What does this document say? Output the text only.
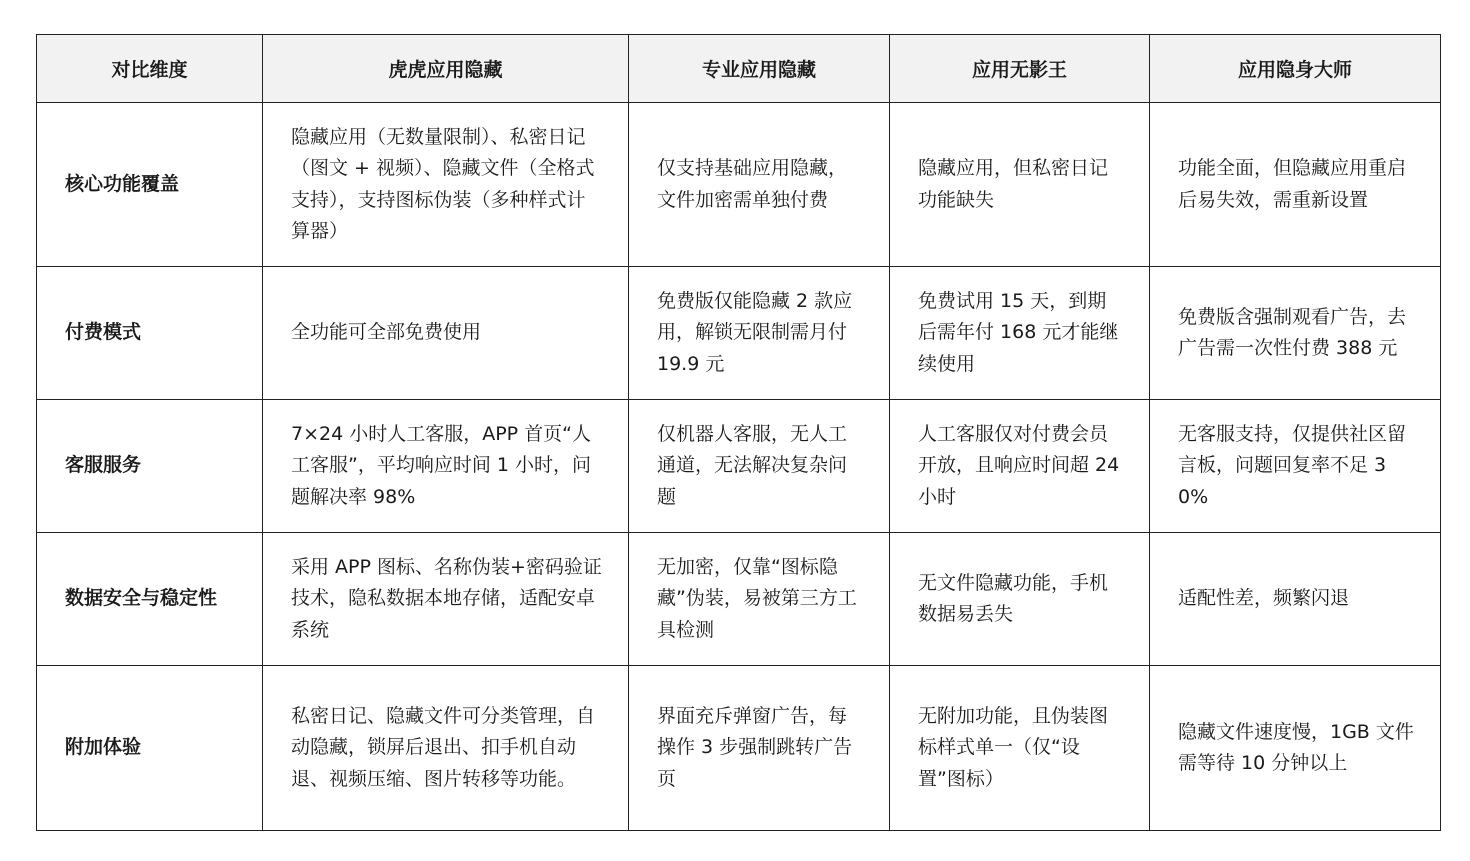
对比维度	虎虎应用隐藏	专业应用隐藏	应用无影王	应用隐身大师
核心功能覆盖	隐藏应用（无数量限制）、私密日记（图文 + 视频）、隐藏文件（全格式支持），支持图标伪装（多种样式计算器）	仅支持基础应用隐藏，文件加密需单独付费	隐藏应用，但私密日记功能缺失	功能全面，但隐藏应用重启后易失效，需重新设置
付费模式	全功能可全部免费使用	免费版仅能隐藏 2 款应用，解锁无限制需月付 19.9 元	免费试用 15 天，到期后需年付 168 元才能继续使用	免费版含强制观看广告，去广告需一次性付费 388 元
客服服务	7×24 小时人工客服，APP 首页“人工客服”，平均响应时间 1 小时，问题解决率 98%	仅机器人客服，无人工通道，无法解决复杂问题	人工客服仅对付费会员开放，且响应时间超 24 小时	无客服支持，仅提供社区留言板，问题回复率不足 30%
数据安全与稳定性	采用 APP 图标、名称伪装+密码验证技术，隐私数据本地存储，适配安卓系统	无加密，仅靠“图标隐藏”伪装，易被第三方工具检测	无文件隐藏功能，手机数据易丢失	适配性差，频繁闪退
附加体验	私密日记、隐藏文件可分类管理，自动隐藏，锁屏后退出、扣手机自动退、视频压缩、图片转移等功能。	界面充斥弹窗广告，每操作 3 步强制跳转广告页	无附加功能，且伪装图标样式单一（仅“设置”图标）	隐藏文件速度慢，1GB 文件需等待 10 分钟以上
